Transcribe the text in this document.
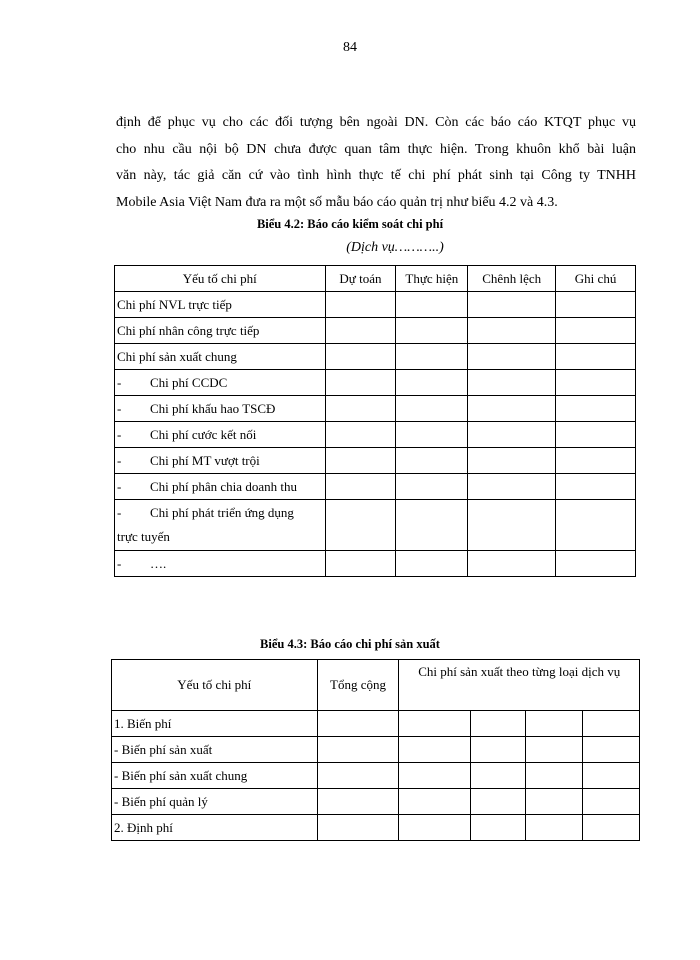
84

định để phục vụ cho các đối tượng bên ngoài DN. Còn các báo cáo KTQT phục vụ
cho nhu cầu nội bộ DN chưa được quan tâm thực hiện. Trong khuôn khổ bài luận
văn này, tác giả căn cứ vào tình hình thực tế chi phí phát sinh tại Công ty TNHH
Mobile Asia Việt Nam đưa ra một số mẫu báo cáo quản trị như biểu 4.2 và 4.3.

Biểu 4.2: Báo cáo kiểm soát chi phí
(Dịch vụ………..)
Yếu tố chi phí	Dự toán	Thực hiện	Chênh lệch	Ghi chú
Chi phí NVL trực tiếp				
Chi phí nhân công trực tiếp				
Chi phí sản xuất chung				
- Chi phí CCDC				
- Chi phí khấu hao TSCĐ				
- Chi phí cước kết nối				
- Chi phí MT vượt trội				
- Chi phí phân chia doanh thu				
- Chi phí phát triển ứng dụng
trực tuyến				
- ….				
Biểu 4.3: Báo cáo chi phí sản xuất
Yếu tố chi phí	Tổng cộng	Chi phí sản xuất theo từng loại dịch vụ			
1. Biến phí					
- Biến phí sản xuất					
- Biến phí sản xuất chung					
- Biến phí quản lý					
2. Định phí					
